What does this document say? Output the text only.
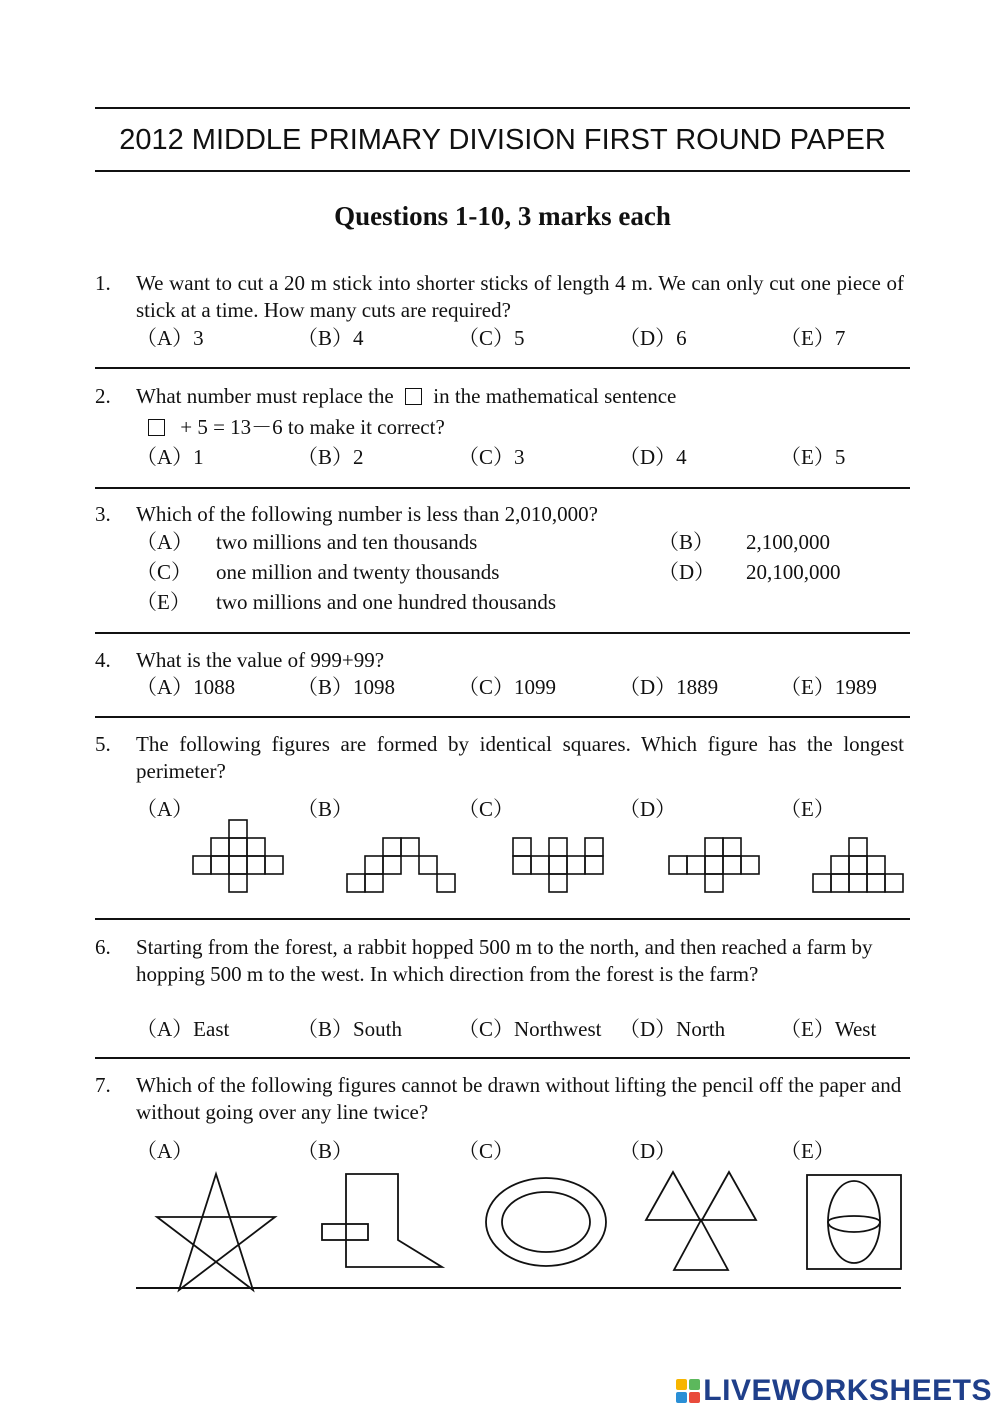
2012 MIDDLE PRIMARY DIVISION FIRST ROUND PAPER
Questions 1-10, 3 marks each
1. We want to cut a 20 m stick into shorter sticks of length 4 m. We can only cut one piece of stick at a time. How many cuts are required?
（A）3	（B）4	（C）5	（D）6	（E）7
2. What number must replace the in the mathematical sentence
+ 5 = 13－6 to make it correct?
（A）1	（B）2	（C）3	（D）4	（E）5
3. Which of the following number is less than 2,010,000?
（A） two millions and ten thousands	（B） 2,100,000
（C） one million and twenty thousands	（D） 20,100,000
（E） two millions and one hundred thousands
4. What is the value of 999+99?
（A）1088	（B）1098	（C）1099	（D）1889	（E）1989
5. The following figures are formed by identical squares. Which figure has the longest perimeter?
（A）	（B）	（C）	（D）	（E）
6. Starting from the forest, a rabbit hopped 500 m to the north, and then reached a farm by hopping 500 m to the west. In which direction from the forest is the farm?
（A）East	（B）South	（C）Northwest （D）North	（E）West
7. Which of the following figures cannot be drawn without lifting the pencil off the paper and without going over any line twice?
（A）	（B）	（C）	（D）	（E）
LIVEWORKSHEETS
